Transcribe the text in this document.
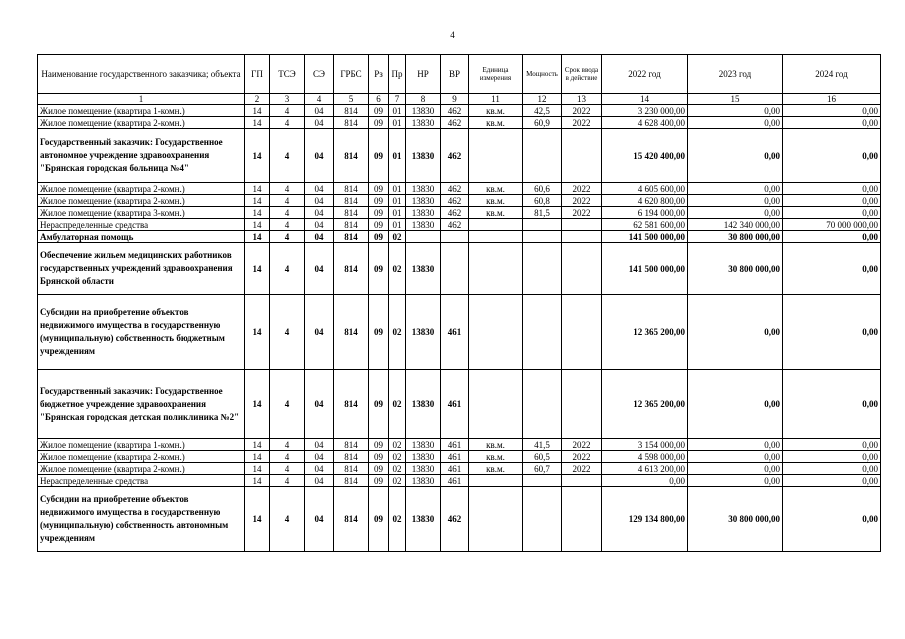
4
Наименование государственного заказчика; объекта	ГП	ТСЭ	СЭ	ГРБС	Рз	Пр	НР	ВР	Единица измерения	Мощность	Срок ввода в действие	2022 год	2023 год	2024 год
1	2	3	4	5	6	7	8	9	11	12	13	14	15	16
Жилое помещение (квартира 1-комн.)	14	4	04	814	09	01	13830	462	кв.м.	42,5	2022	3 230 000,00	0,00	0,00
Жилое помещение (квартира 2-комн.)	14	4	04	814	09	01	13830	462	кв.м.	60,9	2022	4 628 400,00	0,00	0,00
Государственный заказчик: Государственное автономное учреждение здравоохранения "Брянская городская больница №4"	14	4	04	814	09	01	13830	462				15 420 400,00	0,00	0,00
Жилое помещение (квартира 2-комн.)	14	4	04	814	09	01	13830	462	кв.м.	60,6	2022	4 605 600,00	0,00	0,00
Жилое помещение (квартира 2-комн.)	14	4	04	814	09	01	13830	462	кв.м.	60,8	2022	4 620 800,00	0,00	0,00
Жилое помещение (квартира 3-комн.)	14	4	04	814	09	01	13830	462	кв.м.	81,5	2022	6 194 000,00	0,00	0,00
Нераспределенные средства	14	4	04	814	09	01	13830	462				62 581 600,00	142 340 000,00	70 000 000,00
Амбулаторная помощь	14	4	04	814	09	02						141 500 000,00	30 800 000,00	0,00
Обеспечение жильем медицинских работников государственных учреждений здравоохранения Брянской области	14	4	04	814	09	02	13830					141 500 000,00	30 800 000,00	0,00
Субсидии на приобретение объектов недвижимого имущества в государственную (муниципальную) собственность бюджетным учреждениям	14	4	04	814	09	02	13830	461				12 365 200,00	0,00	0,00
Государственный заказчик: Государственное бюджетное учреждение здравоохранения "Брянская городская детская поликлиника №2"	14	4	04	814	09	02	13830	461				12 365 200,00	0,00	0,00
Жилое помещение (квартира 1-комн.)	14	4	04	814	09	02	13830	461	кв.м.	41,5	2022	3 154 000,00	0,00	0,00
Жилое помещение (квартира 2-комн.)	14	4	04	814	09	02	13830	461	кв.м.	60,5	2022	4 598 000,00	0,00	0,00
Жилое помещение (квартира 2-комн.)	14	4	04	814	09	02	13830	461	кв.м.	60,7	2022	4 613 200,00	0,00	0,00
Нераспределенные средства	14	4	04	814	09	02	13830	461				0,00	0,00	0,00
Субсидии на приобретение объектов недвижимого имущества в государственную (муниципальную) собственность автономным учреждениям	14	4	04	814	09	02	13830	462				129 134 800,00	30 800 000,00	0,00
